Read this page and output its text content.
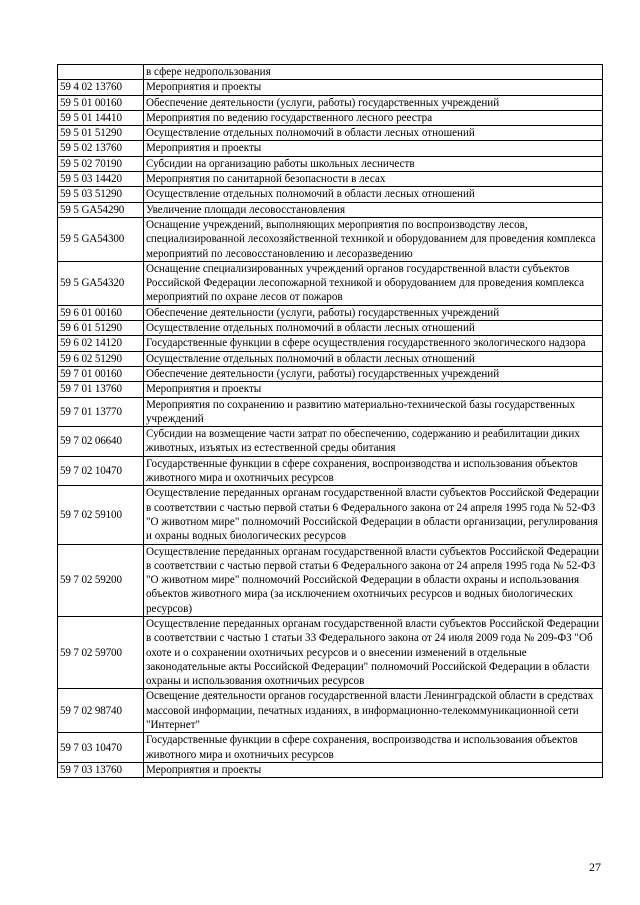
	в сфере недропользования
59 4 02 13760	Мероприятия и проекты
59 5 01 00160	Обеспечение деятельности (услуги, работы) государственных учреждений
59 5 01 14410	Мероприятия по ведению государственного лесного реестра
59 5 01 51290	Осуществление отдельных полномочий в области лесных отношений
59 5 02 13760	Мероприятия и проекты
59 5 02 70190	Субсидии на организацию работы школьных лесничеств
59 5 03 14420	Мероприятия по санитарной безопасности в лесах
59 5 03 51290	Осуществление отдельных полномочий в области лесных отношений
59 5 GA54290	Увеличение площади лесовосстановления
59 5 GA54300	Оснащение учреждений, выполняющих мероприятия по воспроизводству лесов, специализированной лесохозяйственной техникой и оборудованием для проведения комплекса мероприятий по лесовосстановлению и лесоразведению
59 5 GA54320	Оснащение специализированных учреждений органов государственной власти субъектов Российской Федерации лесопожарной техникой и оборудованием для проведения комплекса мероприятий по охране лесов от пожаров
59 6 01 00160	Обеспечение деятельности (услуги, работы) государственных учреждений
59 6 01 51290	Осуществление отдельных полномочий в области лесных отношений
59 6 02 14120	Государственные функции в сфере осуществления государственного экологического надзора
59 6 02 51290	Осуществление отдельных полномочий в области лесных отношений
59 7 01 00160	Обеспечение деятельности (услуги, работы) государственных учреждений
59 7 01 13760	Мероприятия и проекты
59 7 01 13770	Мероприятия по сохранению и развитию материально-технической базы государственных учреждений
59 7 02 06640	Субсидии на возмещение части затрат по обеспечению, содержанию и реабилитации диких животных, изъятых из естественной среды обитания
59 7 02 10470	Государственные функции в сфере сохранения, воспроизводства и использования объектов животного мира и охотничьих ресурсов
59 7 02 59100	Осуществление переданных органам государственной власти субъектов Российской Федерации в соответствии с частью первой статьи 6 Федерального закона от 24 апреля 1995 года № 52-ФЗ "О животном мире" полномочий Российской Федерации в области организации, регулирования и охраны водных биологических ресурсов
59 7 02 59200	Осуществление переданных органам государственной власти субъектов Российской Федерации в соответствии с частью первой статьи 6 Федерального закона от 24 апреля 1995 года № 52-ФЗ "О животном мире" полномочий Российской Федерации в области охраны и использования объектов животного мира (за исключением охотничьих ресурсов и водных биологических ресурсов)
59 7 02 59700	Осуществление переданных органам государственной власти субъектов Российской Федерации в соответствии с частью 1 статьи 33 Федерального закона от 24 июля 2009 года № 209-ФЗ "Об охоте и о сохранении охотничьих ресурсов и о внесении изменений в отдельные законодательные акты Российской Федерации" полномочий Российской Федерации в области охраны и использования охотничьих ресурсов
59 7 02 98740	Освещение деятельности органов государственной власти Ленинградской области в средствах массовой информации, печатных изданиях, в информационно-телекоммуникационной сети "Интернет"
59 7 03 10470	Государственные функции в сфере сохранения, воспроизводства и использования объектов животного мира и охотничьих ресурсов
59 7 03 13760	Мероприятия и проекты
27
